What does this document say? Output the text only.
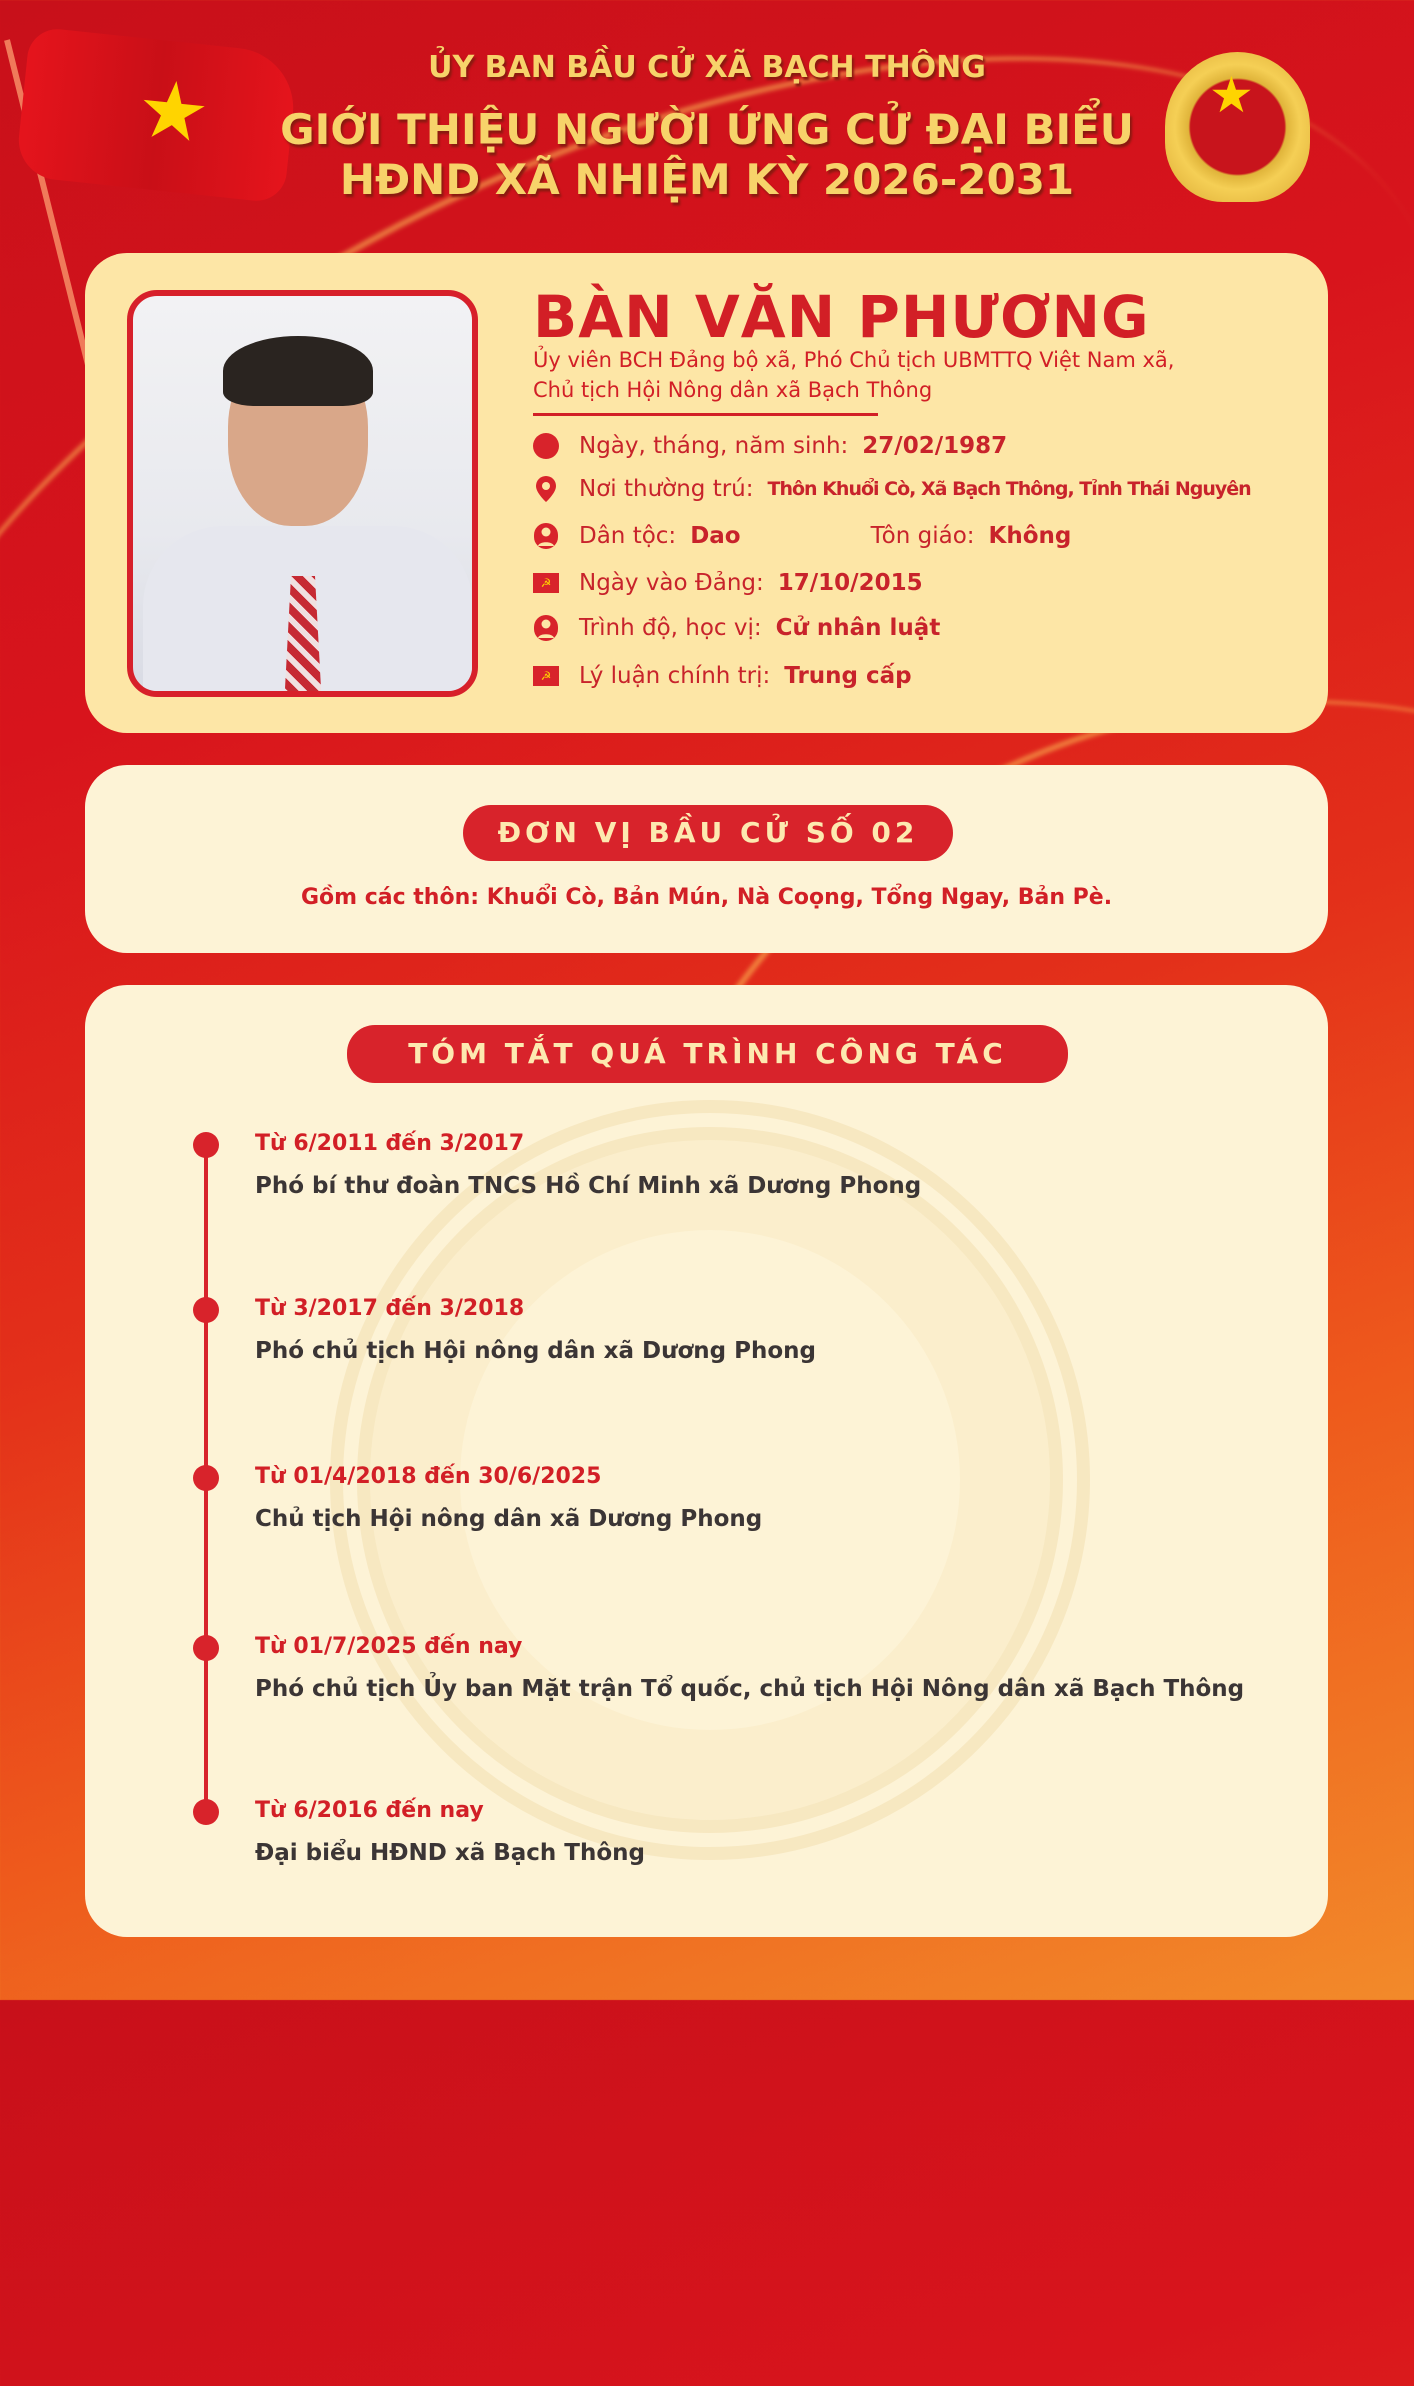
★	★
ỦY BAN BẦU CỬ XÃ BẠCH THÔNG
GIỚI THIỆU NGƯỜI ỨNG CỬ ĐẠI BIỂU
HĐND XÃ NHIỆM KỲ 2026-2031
BÀN VĂN PHƯƠNG
Ủy viên BCH Đảng bộ xã, Phó Chủ tịch UBMTTQ Việt Nam xã,
Chủ tịch Hội Nông dân xã Bạch Thông
Ngày, tháng, năm sinh: 27/02/1987
Nơi thường trú: Thôn Khuổi Cò, Xã Bạch Thông, Tỉnh Thái Nguyên
Dân tộc: Dao	Tôn giáo: Không
☭	Ngày vào Đảng: 17/10/2015
Trình độ, học vị: Cử nhân luật
☭	Lý luận chính trị: Trung cấp
ĐƠN VỊ BẦU CỬ SỐ 02
Gồm các thôn: Khuổi Cò, Bản Mún, Nà Coọng, Tổng Ngay, Bản Pè.
TÓM TẮT QUÁ TRÌNH CÔNG TÁC
Từ 6/2011 đến 3/2017
Phó bí thư đoàn TNCS Hồ Chí Minh xã Dương Phong
Từ 3/2017 đến 3/2018
Phó chủ tịch Hội nông dân xã Dương Phong
Từ 01/4/2018 đến 30/6/2025
Chủ tịch Hội nông dân xã Dương Phong
Từ 01/7/2025 đến nay
Phó chủ tịch Ủy ban Mặt trận Tổ quốc, chủ tịch Hội Nông dân xã Bạch Thông
Từ 6/2016 đến nay
Đại biểu HĐND xã Bạch Thông
